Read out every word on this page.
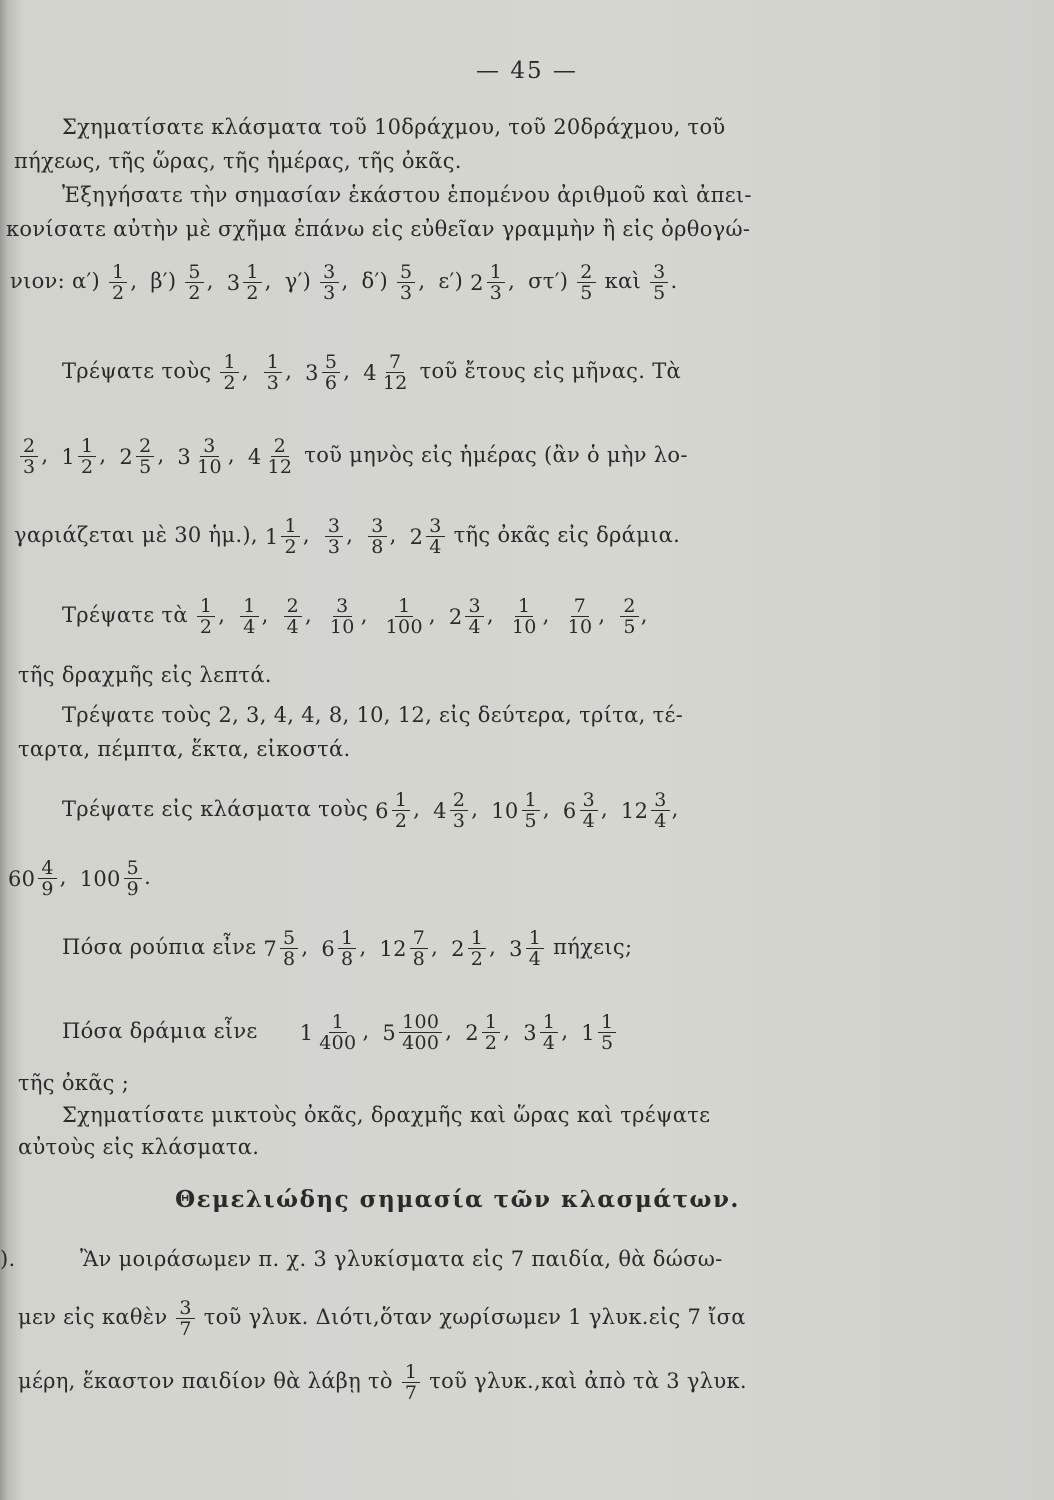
— 45 —
Σχηματίσατε κλάσματα τοῦ 10δράχμου, τοῦ 20δράχμου, τοῦ
πήχεως, τῆς ὥρας, τῆς ἡμέρας, τῆς ὀκᾶς.
Ἐξηγήσατε τὴν σημασίαν ἑκάστου ἑπομένου ἀριθμοῦ καὶ ἀπει-
κονίσατε αὐτὴν μὲ σχῆμα ἐπάνω εἰς εὐθεῖαν γραμμὴν ἢ εἰς ὀρθογώ-
νιον: $\alpha') \frac{1}{2}$ , $\beta') \frac{5}{2}$ , $3 \frac{1}{2}$ , $\gamma') \frac{3}{3}$ , $\delta') \frac{5}{3}$ , ε′) $2 \frac{1}{3}$ , $\sigma\tau') \frac{2}{5}$ καὶ $\frac{3}{5}$ .
Τρέψατε τοὺς $\frac{1}{2}$ , $\frac{1}{3}$ , $3 \frac{5}{6}$ , $4 \frac{7}{12}$ τοῦ ἔτους εἰς μῆνας. Τὰ
$\frac{2}{3}$ , $1 \frac{1}{2}$ , $2 \frac{2}{5}$ , $3 \frac{3}{10}$ , $4 \frac{2}{12}$ τοῦ μηνὸς εἰς ἡμέρας (ἂν ὁ μὴν λο-
γαριάζεται μὲ 30 ἡμ.), $1 \frac{1}{2}$ , $\frac{3}{3}$ , $\frac{3}{8}$ , $2 \frac{3}{4}$ τῆς ὀκᾶς εἰς δράμια.
Τρέψατε τὰ $\frac{1}{2}$ , $\frac{1}{4}$ , $\frac{2}{4}$ , $\frac{3}{10}$ , $\frac{1}{100}$ , $2 \frac{3}{4}$ , $\frac{1}{10}$ , $\frac{7}{10}$ , $\frac{2}{5}$ ,
τῆς δραχμῆς εἰς λεπτά.
Τρέψατε τοὺς 2, 3, 4, 4, 8, 10, 12, εἰς δεύτερα, τρίτα, τέ-
ταρτα, πέμπτα, ἕκτα, εἰκοστά.
Τρέψατε εἰς κλάσματα τοὺς $6 \frac{1}{2}$ , $4 \frac{2}{3}$ , $10 \frac{1}{5}$ , $6 \frac{3}{4}$ , $12 \frac{3}{4}$ ,
$60 \frac{4}{9}$ , $100 \frac{5}{9}$ .
Πόσα ρούπια εἶνε $7 \frac{5}{8}$ , $6 \frac{1}{8}$ , $12 \frac{7}{8}$ , $2 \frac{1}{2}$ , $3 \frac{1}{4} \pi ή\chi\varepsilon\iota\varsigma$;
Πόσα δράμια εἶνε $1 \frac{1}{400}$ , $5 \frac{100}{400}$ , $2 \frac{1}{2}$ , $3 \frac{1}{4}$ , $1 \frac{1}{5}$
τῆς ὀκᾶς ;
Σχηματίσατε μικτοὺς ὀκᾶς, δραχμῆς καὶ ὥρας καὶ τρέψατε
αὐτοὺς εἰς κλάσματα.
Θεμελιώδης σημασία τῶν κλασμάτων.
).	Ἂν μοιράσωμεν π. χ. 3 γλυκίσματα εἰς 7 παιδία, θὰ δώσω-
μεν εἰς καθὲν $\frac{3}{7}$ τοῦ γλυκ. Διότι,ὅταν χωρίσωμεν 1 γλυκ.εἰς 7 ἴσα
μέρη, ἕκαστον παιδίον θὰ λάβῃ τὸ $\frac{1}{7}$ τοῦ γλυκ.,καὶ ἀπὸ τὰ 3 γλυκ.
